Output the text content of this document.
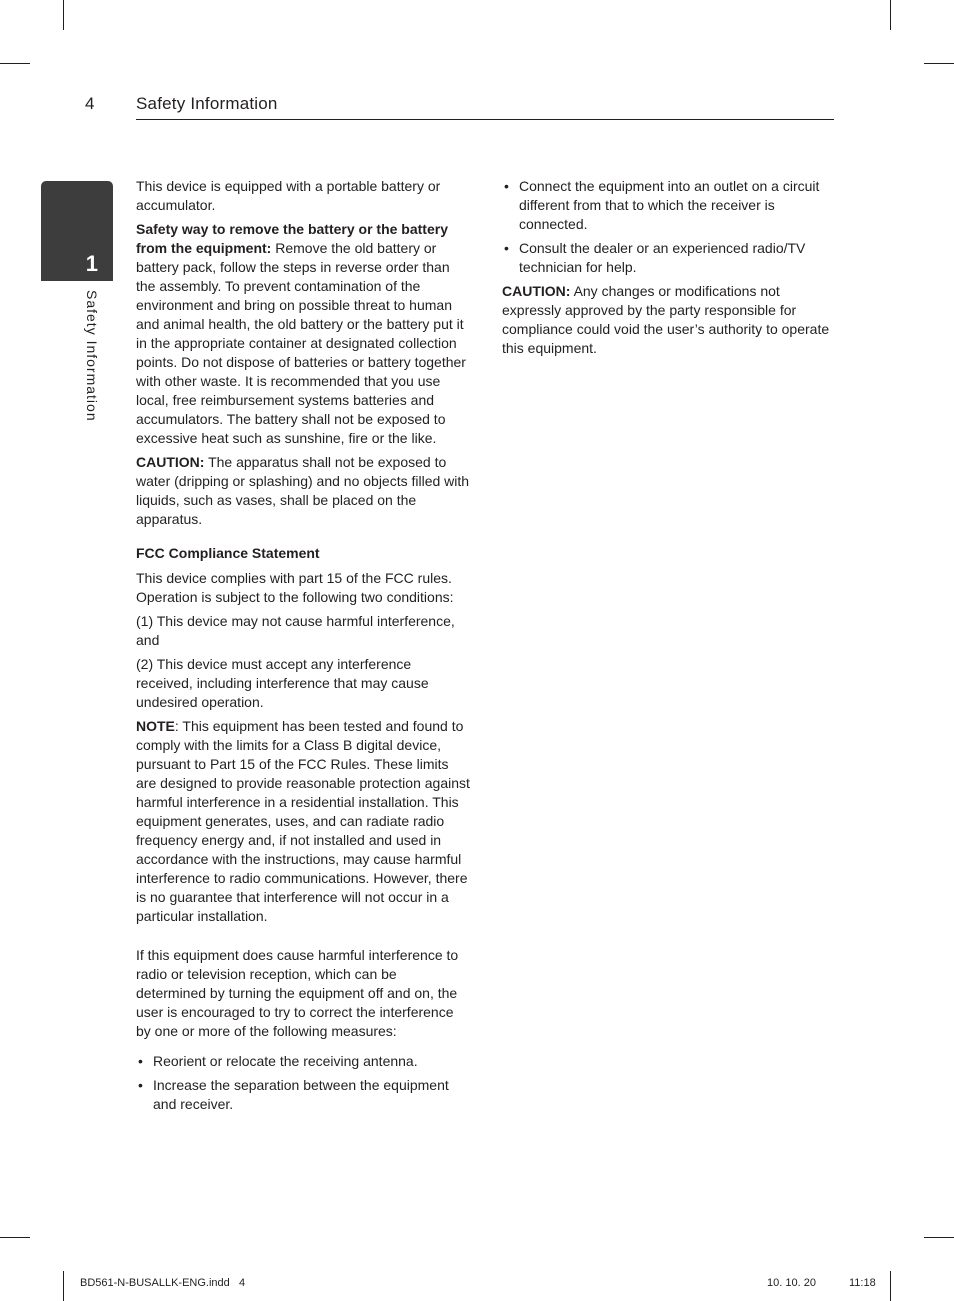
4 Safety Information
1
Safety Information

This device is equipped with a portable battery or accumulator.

Safety way to remove the battery or the battery from the equipment: Remove the old battery or battery pack, follow the steps in reverse order than the assembly. To prevent contamination of the environment and bring on possible threat to human and animal health, the old battery or the battery put it in the appropriate container at designated collection points. Do not dispose of batteries or battery together with other waste. It is recommended that you use local, free reimbursement systems batteries and accumulators. The battery shall not be exposed to excessive heat such as sunshine, fire or the like.

CAUTION: The apparatus shall not be exposed to water (dripping or splashing) and no objects filled with liquids, such as vases, shall be placed on the apparatus.

FCC Compliance Statement

This device complies with part 15 of the FCC rules. Operation is subject to the following two conditions:

(1) This device may not cause harmful interference, and

(2) This device must accept any interference received, including interference that may cause undesired operation.

NOTE: This equipment has been tested and found to comply with the limits for a Class B digital device, pursuant to Part 15 of the FCC Rules. These limits are designed to provide reasonable protection against harmful interference in a residential installation. This equipment generates, uses, and can radiate radio frequency energy and, if not installed and used in accordance with the instructions, may cause harmful interference to radio communications. However, there is no guarantee that interference will not occur in a particular installation.

If this equipment does cause harmful interference to radio or television reception, which can be determined by turning the equipment off and on, the user is encouraged to try to correct the interference by one or more of the following measures:

• Reorient or relocate the receiving antenna.
• Increase the separation between the equipment and receiver.
• Connect the equipment into an outlet on a circuit different from that to which the receiver is connected.
• Consult the dealer or an experienced radio/TV technician for help.

CAUTION: Any changes or modifications not expressly approved by the party responsible for compliance could void the user’s authority to operate this equipment.

BD561-N-BUSALLK-ENG.indd   4	10. 10. 20	11:18
